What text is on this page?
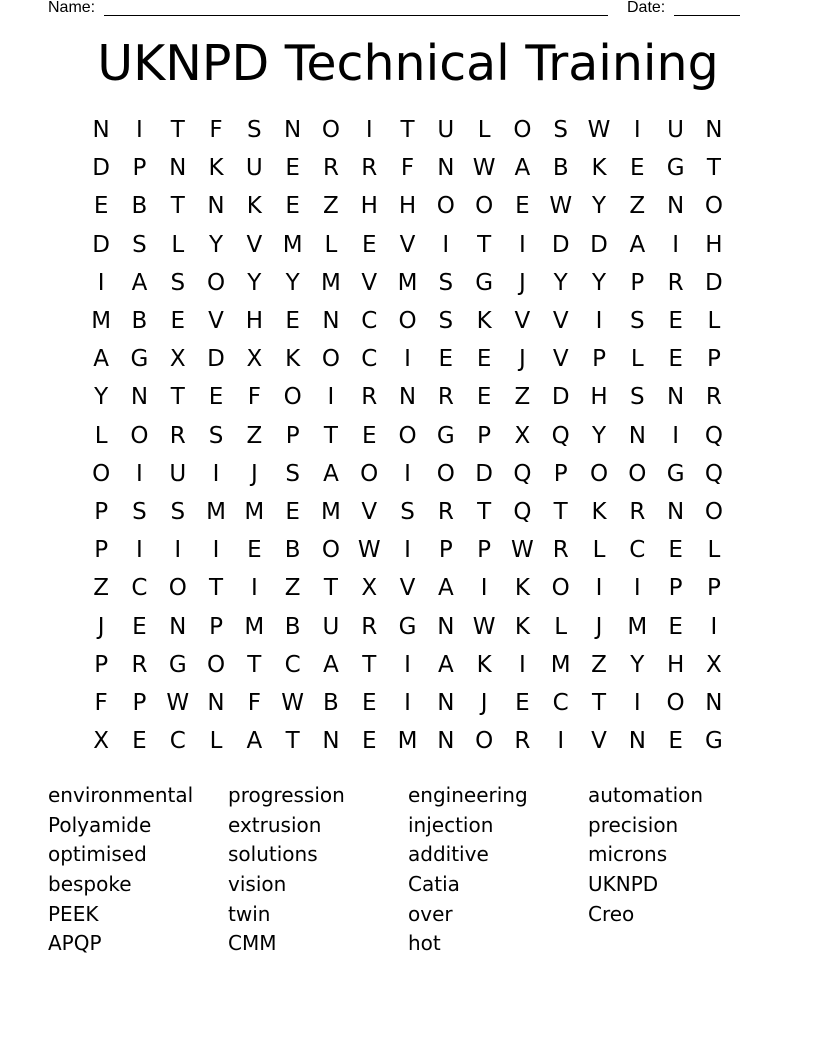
Name:	Date:
UKNPD Technical Training
N	I	T	F	S N O	I	T U	L O S W	I	U N
D P N K U E	R R	F	N W A B K	E G T
E	B	T N K	E	Z H H O O E W Y	Z N O
D S	L	Y	V M L	E	V	I	T	I	D D A	I	H
I	A	S O Y	Y M V M S G	J	Y	Y	P	R D
M B	E	V H E N C O S	K V V	I	S	E	L
A G X D X K O C	I	E	E	J	V	P	L	E	P
Y N T	E	F O	I	R N R	E	Z D H S N R
L O R	S	Z	P	T	E O G P	X Q Y N	I	Q
O	I	U	I	J	S	A O	I	O D Q P O O G Q
P	S	S M M E M V	S	R	T Q T	K R N O
P	I	I	I	E	B O W	I	P	P W R	L	C	E	L
Z C O T	I	Z	T	X V A	I	K O	I	I	P	P
J	E N P M B U R G N W K	L	J	M E	I
P	R G O T	C A	T	I	A K	I	M Z	Y H X
F	P W N	F W B	E	I	N	J	E C	T	I	O N
X	E C	L	A	T N E M N O R	I	V N E G
environmental	progression	engineering	automation
Polyamide	extrusion	injection	precision
optimised	solutions	additive	microns
bespoke	vision	Catia	UKNPD
PEEK	twin	over	Creo
APQP	CMM	hot
